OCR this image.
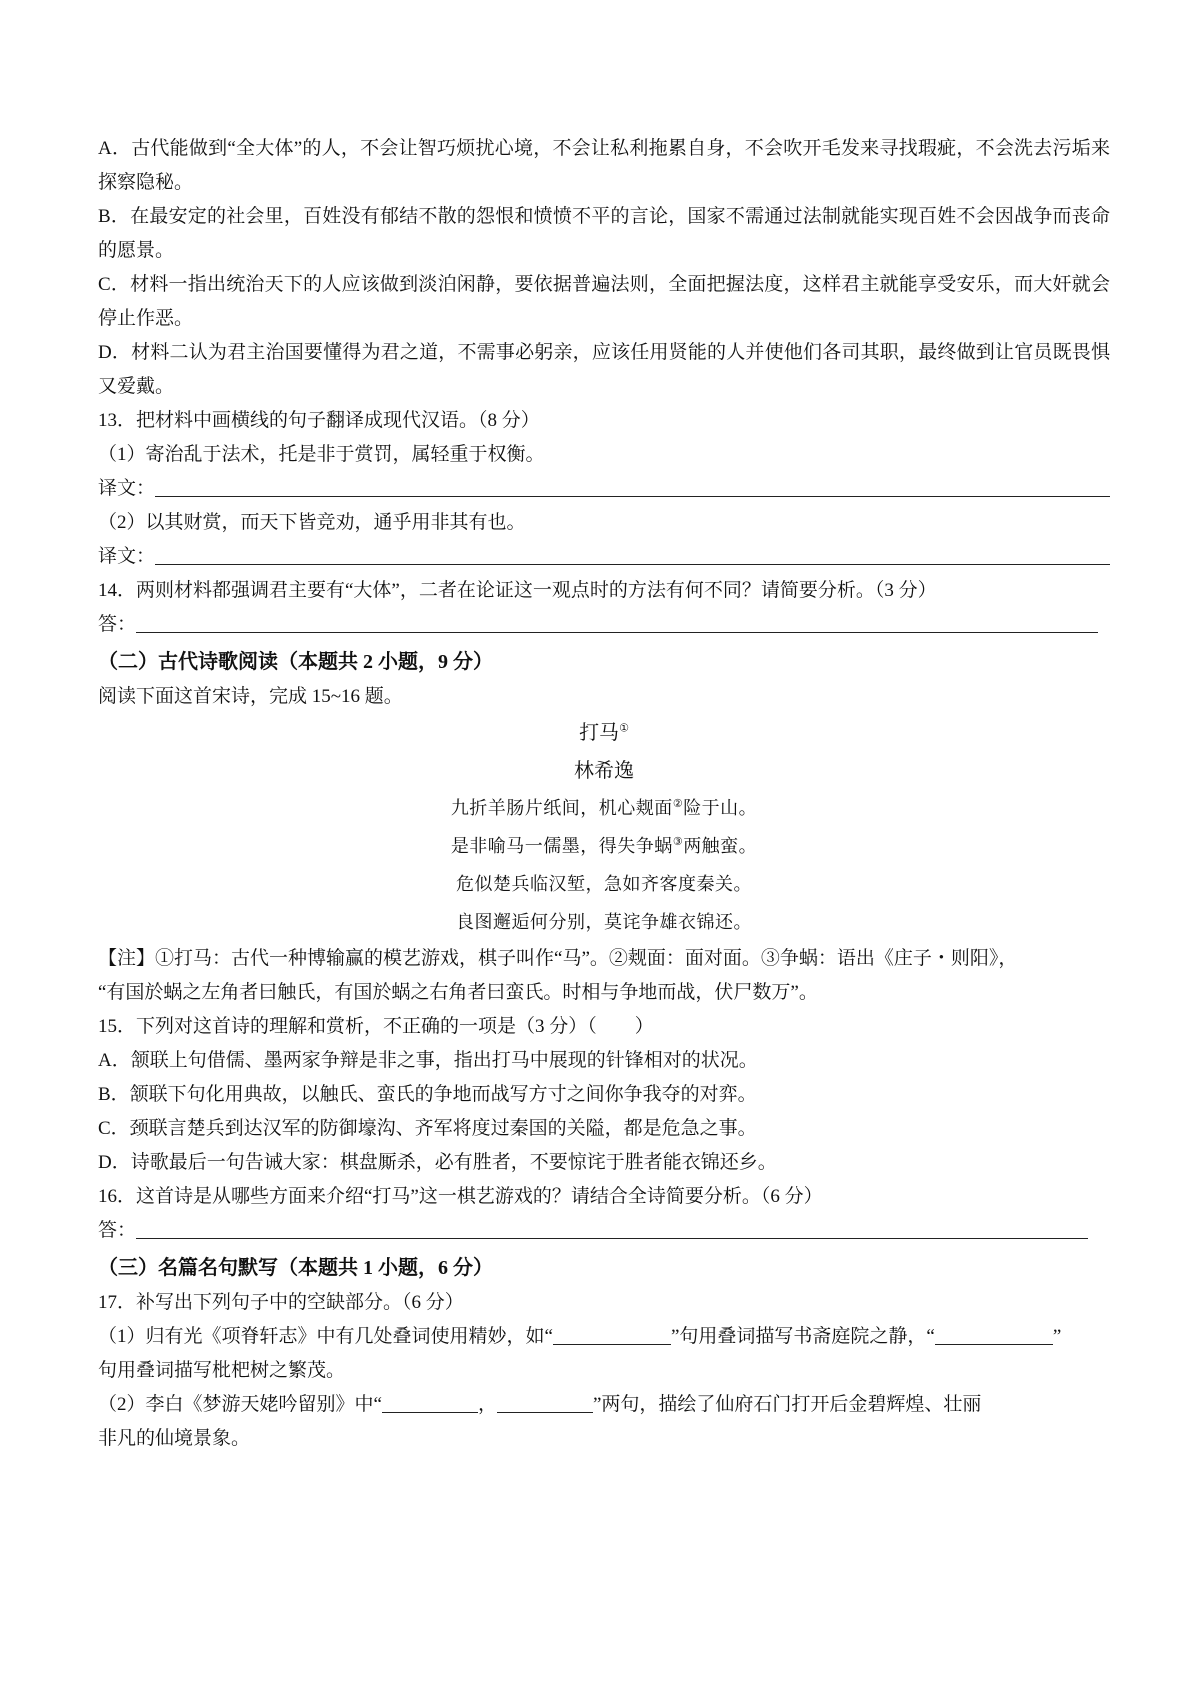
A．古代能做到“全大体”的人，不会让智巧烦扰心境，不会让私利拖累自身，不会吹开毛发来寻找瑕疵，不会洗去污垢来探察隐秘。

B．在最安定的社会里，百姓没有郁结不散的怨恨和愤愤不平的言论，国家不需通过法制就能实现百姓不会因战争而丧命的愿景。

C．材料一指出统治天下的人应该做到淡泊闲静，要依据普遍法则，全面把握法度，这样君主就能享受安乐，而大奸就会停止作恶。

D．材料二认为君主治国要懂得为君之道，不需事必躬亲，应该任用贤能的人并使他们各司其职，最终做到让官员既畏惧又爱戴。

13．把材料中画横线的句子翻译成现代汉语。（8 分）

（1）寄治乱于法术，托是非于赏罚，属轻重于权衡。

译文：

（2）以其财赏，而天下皆竞劝，通乎用非其有也。

译文：

14．两则材料都强调君主要有“大体”，二者在论证这一观点时的方法有何不同？请简要分析。（3 分）

答：

（二）古代诗歌阅读（本题共 2 小题，9 分）

阅读下面这首宋诗，完成 15~16 题。

打马①
林希逸
九折羊肠片纸间，机心觌面②险于山。
是非喻马一儒墨，得失争蜗③两触蛮。
危似楚兵临汉堑，急如齐客度秦关。
良图邂逅何分别，莫诧争雄衣锦还。

【注】①打马：古代一种博输赢的模艺游戏，棋子叫作“马”。②觌面：面对面。③争蜗：语出《庄子・则阳》，

“有国於蜗之左角者曰触氏，有国於蜗之右角者曰蛮氏。时相与争地而战，伏尸数万”。

15．下列对这首诗的理解和赏析，不正确的一项是（3 分）（　　）

A．颔联上句借儒、墨两家争辩是非之事，指出打马中展现的针锋相对的状况。

B．颔联下句化用典故，以触氏、蛮氏的争地而战写方寸之间你争我夺的对弈。

C．颈联言楚兵到达汉军的防御壕沟、齐军将度过秦国的关隘，都是危急之事。

D．诗歌最后一句告诫大家：棋盘厮杀，必有胜者，不要惊诧于胜者能衣锦还乡。

16．这首诗是从哪些方面来介绍“打马”这一棋艺游戏的？请结合全诗简要分析。（6 分）

答：

（三）名篇名句默写（本题共 1 小题，6 分）

17．补写出下列句子中的空缺部分。（6 分）

（1）归有光《项脊轩志》中有几处叠词使用精妙，如“	”句用叠词描写书斋庭院之静，“	”

句用叠词描写枇杷树之繁茂。

（2）李白《梦游天姥吟留别》中“	，	”两句，描绘了仙府石门打开后金碧辉煌、壮丽

非凡的仙境景象。
